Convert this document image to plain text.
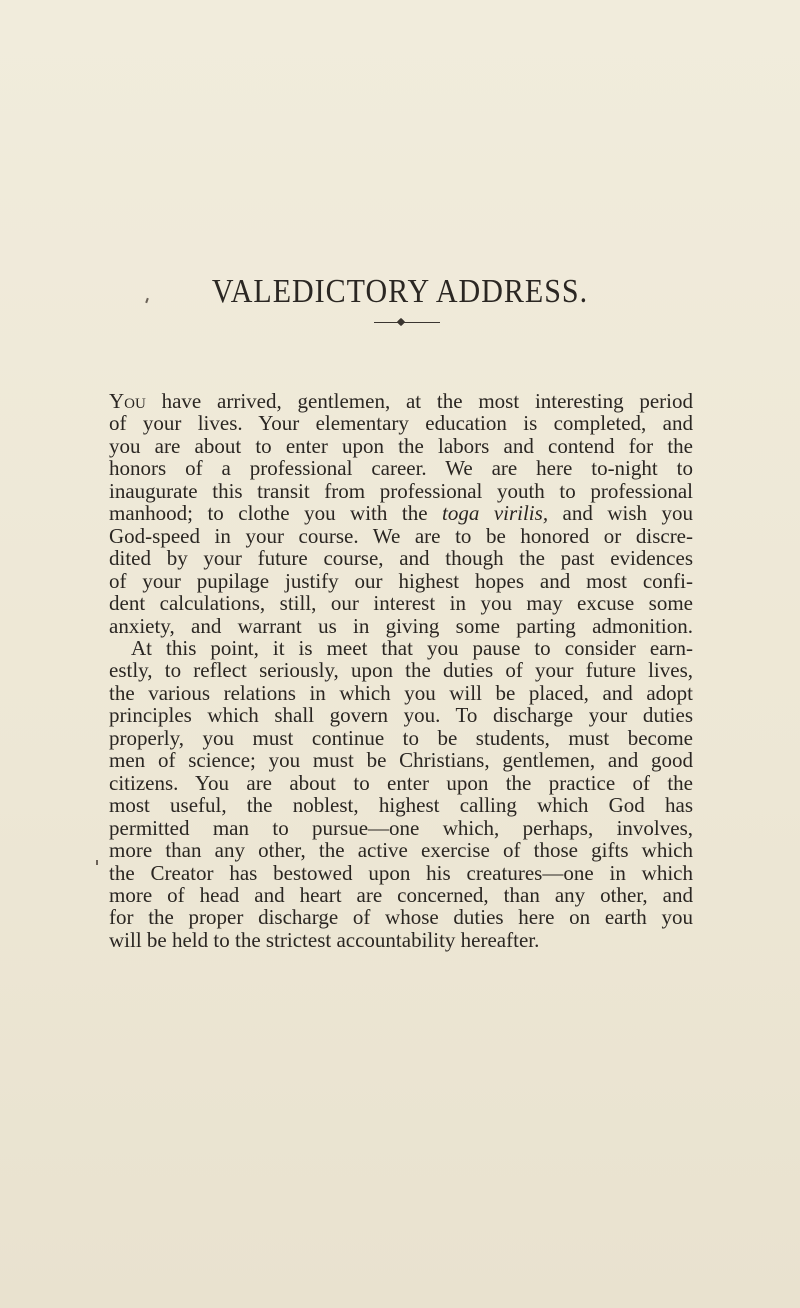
VALEDICTORY ADDRESS.
You have arrived, gentlemen, at the most interesting period
of your lives. Your elementary education is completed, and
you are about to enter upon the labors and contend for the
honors of a professional career. We are here to-night to
inaugurate this transit from professional youth to professional
manhood; to clothe you with the toga virilis, and wish you
God-speed in your course. We are to be honored or discre-
dited by your future course, and though the past evidences
of your pupilage justify our highest hopes and most confi-
dent calculations, still, our interest in you may excuse some
anxiety, and warrant us in giving some parting admonition.
At this point, it is meet that you pause to consider earn-
estly, to reflect seriously, upon the duties of your future lives,
the various relations in which you will be placed, and adopt
principles which shall govern you. To discharge your duties
properly, you must continue to be students, must become
men of science; you must be Christians, gentlemen, and good
citizens. You are about to enter upon the practice of the
most useful, the noblest, highest calling which God has
permitted man to pursue—one which, perhaps, involves,
more than any other, the active exercise of those gifts which
the Creator has bestowed upon his creatures—one in which
more of head and heart are concerned, than any other, and
for the proper discharge of whose duties here on earth you
will be held to the strictest accountability hereafter.
